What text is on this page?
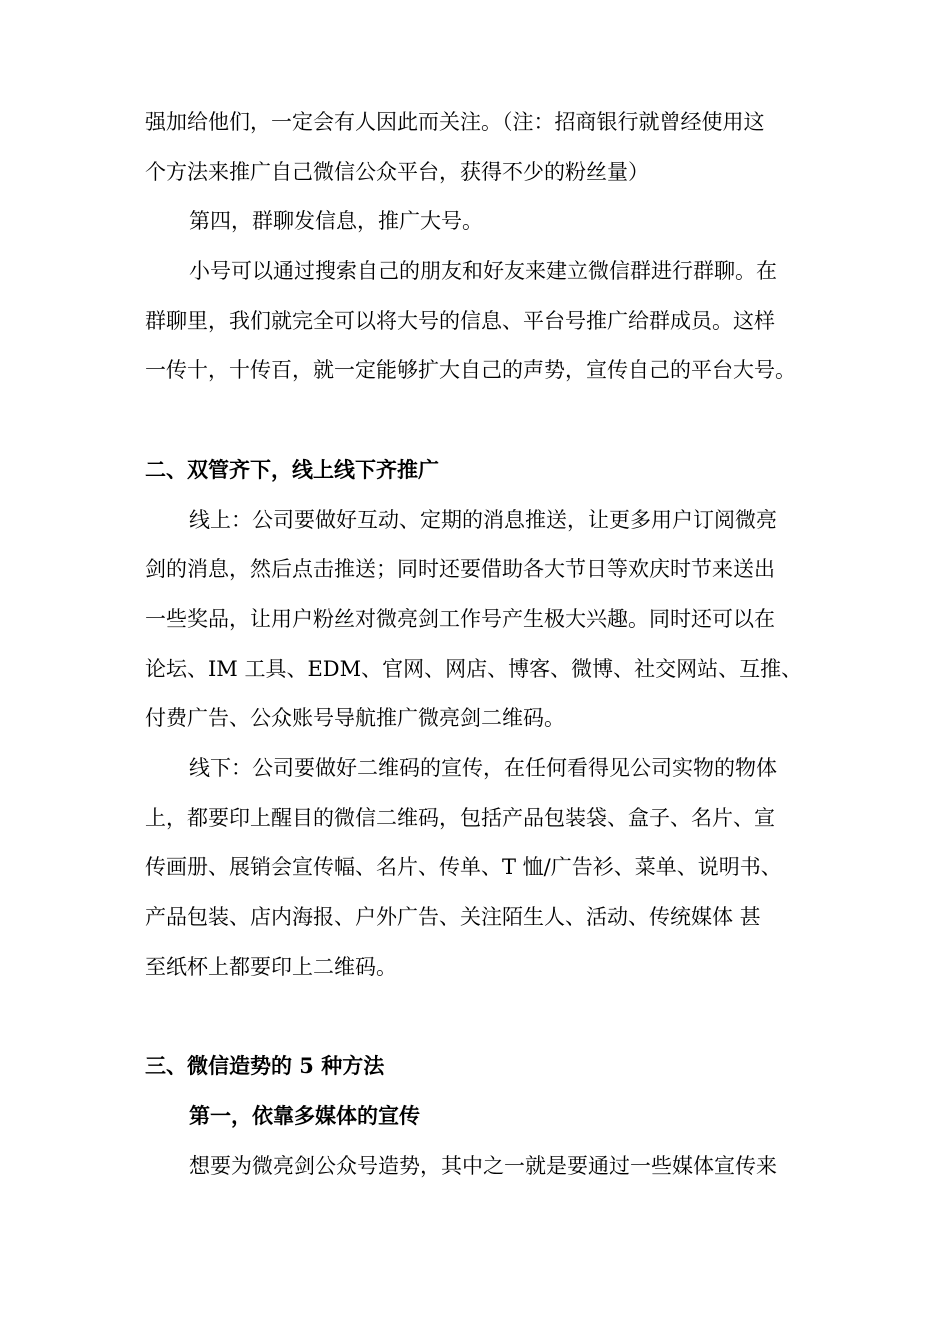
强加给他们，一定会有人因此而关注。（注：招商银行就曾经使用这
个方法来推广自己微信公众平台，获得不少的粉丝量）
第四，群聊发信息，推广大号。
小号可以通过搜索自己的朋友和好友来建立微信群进行群聊。在
群聊里，我们就完全可以将大号的信息、平台号推广给群成员。这样
一传十，十传百，就一定能够扩大自己的声势，宣传自己的平台大号。
二、双管齐下，线上线下齐推广
线上：公司要做好互动、定期的消息推送，让更多用户订阅微亮
剑的消息，然后点击推送；同时还要借助各大节日等欢庆时节来送出
一些奖品，让用户粉丝对微亮剑工作号产生极大兴趣。同时还可以在
论坛、IM 工具、EDM、官网、网店、博客、微博、社交网站、互推、
付费广告、公众账号导航推广微亮剑二维码。
线下：公司要做好二维码的宣传，在任何看得见公司实物的物体
上，都要印上醒目的微信二维码，包括产品包装袋、盒子、名片、宣
传画册、展销会宣传幅、名片、传单、T 恤/广告衫、菜单、说明书、
产品包装、店内海报、户外广告、关注陌生人、活动、传统媒体 甚
至纸杯上都要印上二维码。
三、微信造势的 5 种方法
第一，依靠多媒体的宣传
想要为微亮剑公众号造势，其中之一就是要通过一些媒体宣传来
